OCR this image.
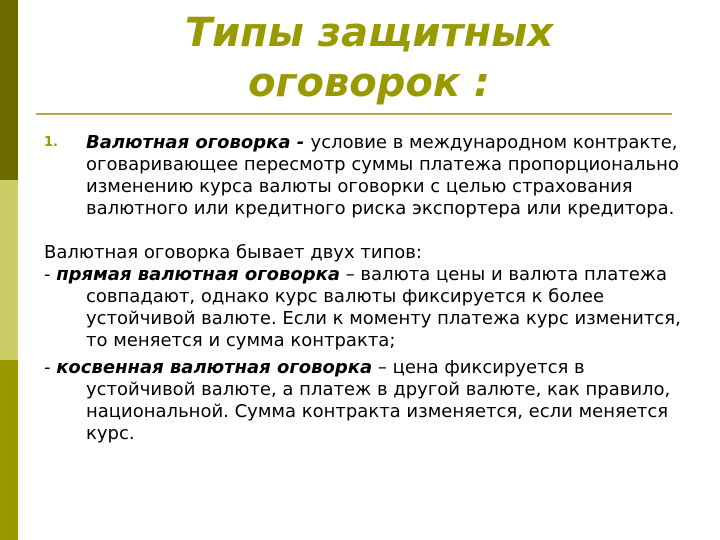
Типы защитных
оговорок :
1. Валютная оговорка - условие в международном контракте, оговаривающее пересмотр суммы платежа пропорционально изменению курса валюты оговорки с целью страхования валютного или кредитного риска экспортера или кредитора.

Валютная оговорка бывает двух типов:

- прямая валютная оговорка – валюта цены и валюта платежа совпадают, однако курс валюты фиксируется к более устойчивой валюте. Если к моменту платежа курс изменится, то меняется и сумма контракта;

- косвенная валютная оговорка – цена фиксируется в устойчивой валюте, а платеж в другой валюте, как правило, национальной. Сумма контракта изменяется, если меняется курс.
